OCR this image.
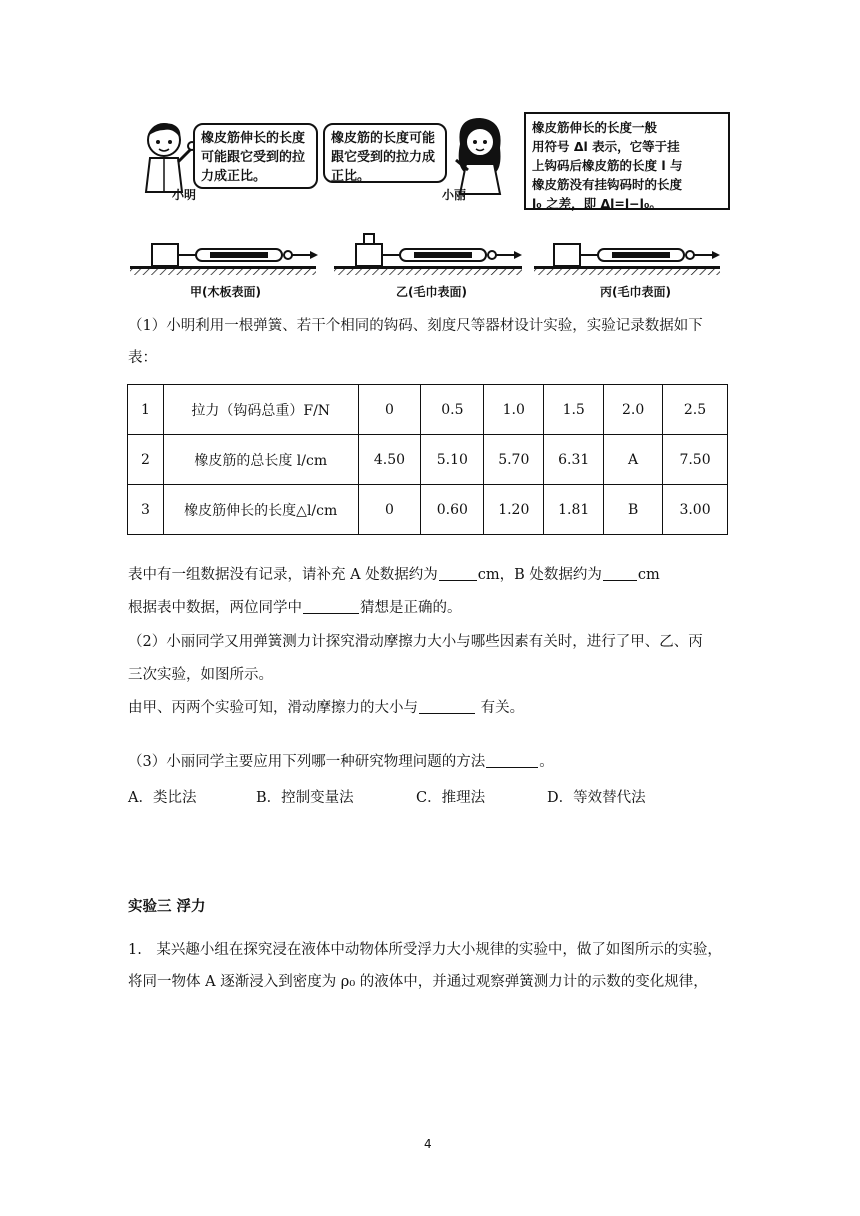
小明
橡皮筋伸长的长度
可能跟它受到的拉
力成正比。
橡皮筋的长度可能
跟它受到的拉力成
正比。
小丽
橡皮筋伸长的长度一般
用符号 Δl 表示，它等于挂
上钩码后橡皮筋的长度 l 与
橡皮筋没有挂钩码时的长度
l₀ 之差，即 Δl=l−l₀。
甲(木板表面)	乙(毛巾表面)	丙(毛巾表面)
（1）小明利用一根弹簧、若干个相同的钩码、刻度尺等器材设计实验，实验记录数据如下
表：
1	拉力（钩码总重）F/N	0	0.5	1.0	1.5	2.0	2.5
2	橡皮筋的总长度 l/cm	4.50	5.10	5.70	6.31	A	7.50
3	橡皮筋伸长的长度△l/cm	0	0.60	1.20	1.81	B	3.00
表中有一组数据没有记录，请补充 A 处数据约为	cm，B 处数据约为 cm
根据表中数据，两位同学中	猜想是正确的。
（2）小丽同学又用弹簧测力计探究滑动摩擦力大小与哪些因素有关时，进行了甲、乙、丙
三次实验，如图所示。
由甲、丙两个实验可知，滑动摩擦力的大小与	有关。
（3）小丽同学主要应用下列哪一种研究物理问题的方法	。
A．类比法	B．控制变量法	C．推理法	D．等效替代法
实验三 浮力
1.　某兴趣小组在探究浸在液体中动物体所受浮力大小规律的实验中，做了如图所示的实验，
将同一物体 A 逐渐浸入到密度为 ρ₀ 的液体中，并通过观察弹簧测力计的示数的变化规律，
4
